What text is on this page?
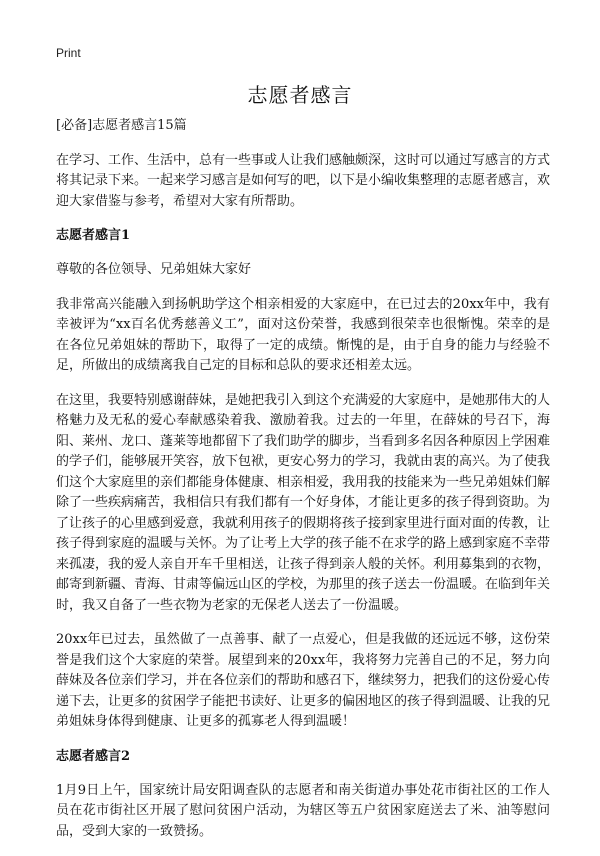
Print
志愿者感言

[必备]志愿者感言15篇

在学习、工作、生活中，总有一些事或人让我们感触颇深，这时可以通过写感言的方式将其记录下来。一起来学习感言是如何写的吧，以下是小编收集整理的志愿者感言，欢迎大家借鉴与参考，希望对大家有所帮助。

志愿者感言1

尊敬的各位领导、兄弟姐妹大家好

我非常高兴能融入到扬帆助学这个相亲相爱的大家庭中，在已过去的20xx年中，我有幸被评为“xx百名优秀慈善义工”，面对这份荣誉，我感到很荣幸也很惭愧。荣幸的是在各位兄弟姐妹的帮助下，取得了一定的成绩。惭愧的是，由于自身的能力与经验不足，所做出的成绩离我自己定的目标和总队的要求还相差太远。

在这里，我要特别感谢薛妹，是她把我引入到这个充满爱的大家庭中，是她那伟大的人格魅力及无私的爱心奉献感染着我、激励着我。过去的一年里，在薛妹的号召下，海阳、莱州、龙口、蓬莱等地都留下了我们助学的脚步，当看到多名因各种原因上学困难的学子们，能够展开笑容，放下包袱，更安心努力的学习，我就由衷的高兴。为了使我们这个大家庭里的亲们都能身体健康、相亲相爱，我用我的技能来为一些兄弟姐妹们解除了一些疾病痛苦，我相信只有我们都有一个好身体，才能让更多的孩子得到资助。为了让孩子的心里感到爱意，我就利用孩子的假期将孩子接到家里进行面对面的传教，让孩子得到家庭的温暖与关怀。为了让考上大学的孩子能不在求学的路上感到家庭不幸带来孤凄，我的爱人亲自开车千里相送，让孩子得到亲人般的关怀。利用募集到的衣物，邮寄到新疆、青海、甘肃等偏远山区的学校，为那里的孩子送去一份温暖。在临到年关时，我又自备了一些衣物为老家的无保老人送去了一份温暖。

20xx年已过去，虽然做了一点善事、献了一点爱心，但是我做的还远远不够，这份荣誉是我们这个大家庭的荣誉。展望到来的20xx年，我将努力完善自己的不足，努力向薛妹及各位亲们学习，并在各位亲们的帮助和感召下，继续努力，把我们的这份爱心传递下去，让更多的贫困学子能把书读好、让更多的偏困地区的孩子得到温暖、让我的兄弟姐妹身体得到健康、让更多的孤寡老人得到温暖！

志愿者感言2

1月9日上午，国家统计局安阳调查队的志愿者和南关街道办事处花市街社区的工作人员在花市街社区开展了慰问贫困户活动，为辖区等五户贫困家庭送去了米、油等慰问品，受到大家的一致赞扬。
